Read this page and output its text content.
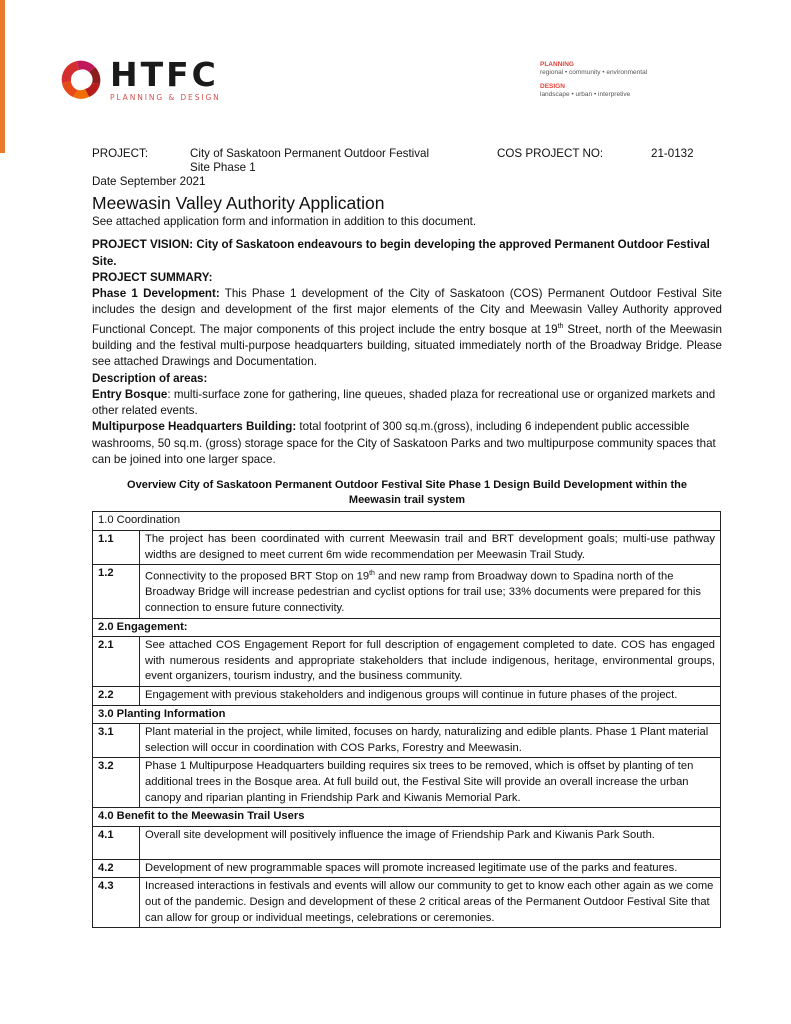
HTFC
PLANNING & DESIGN
PLANNING
regional • community • environmental
DESIGN
landscape • urban • interpretive
PROJECT:	City of Saskatoon Permanent Outdoor Festival
Site Phase 1
COS PROJECT NO:	21-0132
Date September 2021
Meewasin Valley Authority Application
See attached application form and information in addition to this document.

PROJECT VISION: City of Saskatoon endeavours to begin developing the approved Permanent Outdoor Festival Site.

PROJECT SUMMARY:

Phase 1 Development: This Phase 1 development of the City of Saskatoon (COS) Permanent Outdoor Festival Site includes the design and development of the first major elements of the City and Meewasin Valley Authority approved Functional Concept. The major components of this project include the entry bosque at 19th Street, north of the Meewasin building and the festival multi-purpose headquarters building, situated immediately north of the Broadway Bridge. Please see attached Drawings and Documentation.

Description of areas:

Entry Bosque: multi-surface zone for gathering, line queues, shaded plaza for recreational use or organized markets and other related events.

Multipurpose Headquarters Building: total footprint of 300 sq.m.(gross), including 6 independent public accessible washrooms, 50 sq.m. (gross) storage space for the City of Saskatoon Parks and two multipurpose community spaces that can be joined into one larger space.

Overview City of Saskatoon Permanent Outdoor Festival Site Phase 1 Design Build Development within the Meewasin trail system
1.0 Coordination	
1.1	The project has been coordinated with current Meewasin trail and BRT development goals; multi-use pathway widths are designed to meet current 6m wide recommendation per Meewasin Trail Study.
1.2	Connectivity to the proposed BRT Stop on 19th and new ramp from Broadway down to Spadina north of the Broadway Bridge will increase pedestrian and cyclist options for trail use; 33% documents were prepared for this connection to ensure future connectivity.
2.0 Engagement:	
2.1	See attached COS Engagement Report for full description of engagement completed to date. COS has engaged with numerous residents and appropriate stakeholders that include indigenous, heritage, environmental groups, event organizers, tourism industry, and the business community.
2.2	Engagement with previous stakeholders and indigenous groups will continue in future phases of the project.
3.0 Planting Information	
3.1	Plant material in the project, while limited, focuses on hardy, naturalizing and edible plants. Phase 1 Plant material selection will occur in coordination with COS Parks, Forestry and Meewasin.
3.2	Phase 1 Multipurpose Headquarters building requires six trees to be removed, which is offset by planting of ten additional trees in the Bosque area. At full build out, the Festival Site will provide an overall increase the urban canopy and riparian planting in Friendship Park and Kiwanis Memorial Park.
4.0 Benefit to the Meewasin Trail Users	
4.1	Overall site development will positively influence the image of Friendship Park and Kiwanis Park South.
4.2	Development of new programmable spaces will promote increased legitimate use of the parks and features.
4.3	Increased interactions in festivals and events will allow our community to get to know each other again as we come out of the pandemic. Design and development of these 2 critical areas of the Permanent Outdoor Festival Site that can allow for group or individual meetings, celebrations or ceremonies.
